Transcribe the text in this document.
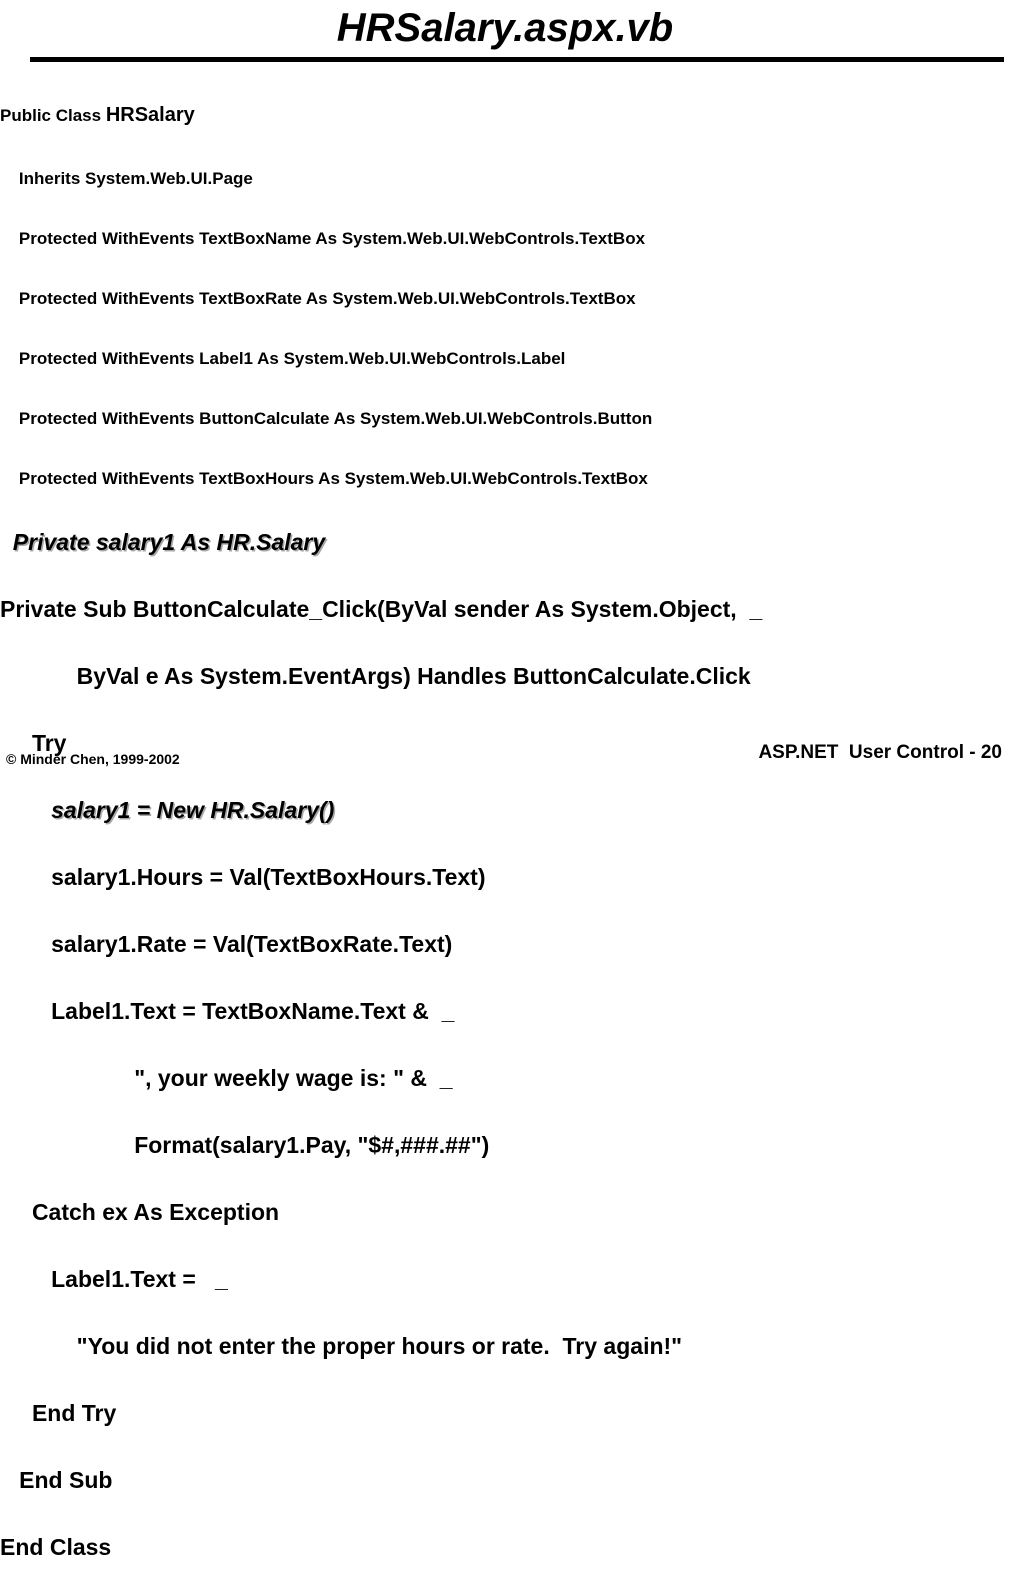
HRSalary.aspx.vb

Public Class HRSalary

Inherits System.Web.UI.Page

Protected WithEvents TextBoxName As System.Web.UI.WebControls.TextBox

Protected WithEvents TextBoxRate As System.Web.UI.WebControls.TextBox

Protected WithEvents Label1 As System.Web.UI.WebControls.Label

Protected WithEvents ButtonCalculate As System.Web.UI.WebControls.Button

Protected WithEvents TextBoxHours As System.Web.UI.WebControls.TextBox

Private salary1 As HR.Salary

Private Sub ButtonCalculate_Click(ByVal sender As System.Object,  _

ByVal e As System.EventArgs) Handles ButtonCalculate.Click

Try

salary1 = New HR.Salary()

salary1.Hours = Val(TextBoxHours.Text)

salary1.Rate = Val(TextBoxRate.Text)

Label1.Text = TextBoxName.Text &  _

", your weekly wage is: " &  _

Format(salary1.Pay, "$#,###.##")

Catch ex As Exception

Label1.Text =   _

"You did not enter the proper hours or rate.  Try again!"

End Try

End Sub

End Class

© Minder Chen, 1999-2002	ASP.NET  User Control - 20
